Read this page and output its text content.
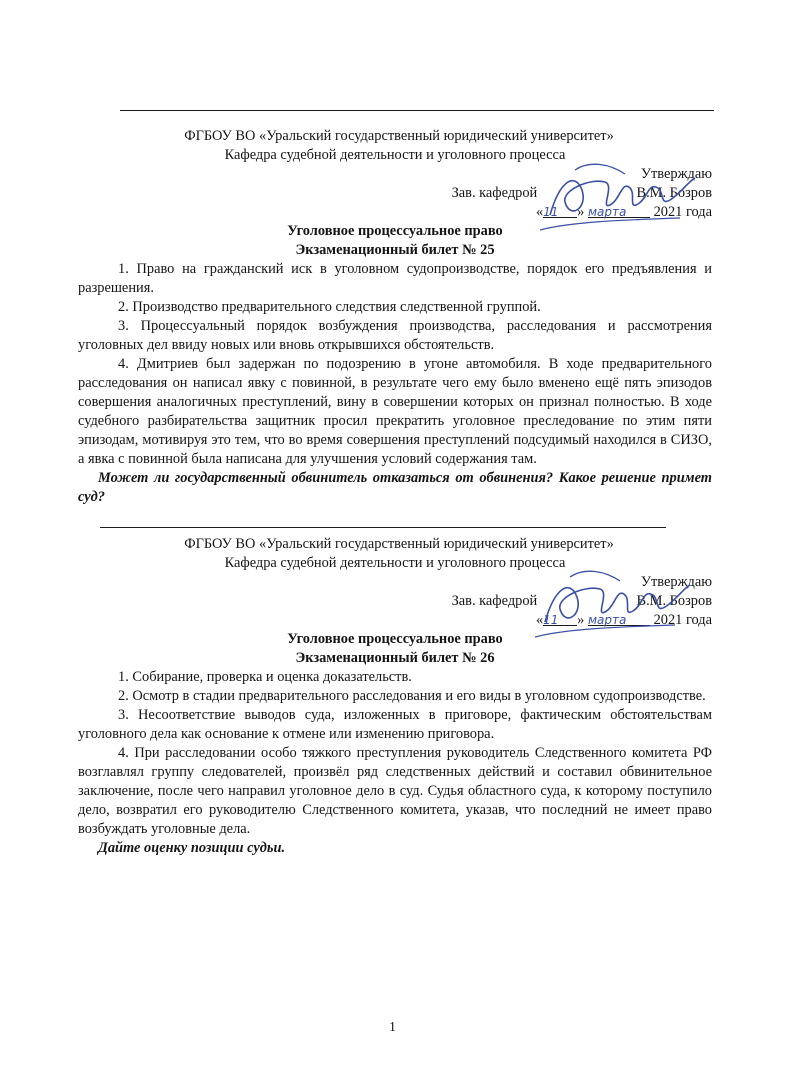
ФГБОУ ВО «Уральский государственный юридический университет»
Кафедра судебной деятельности и уголовного процесса
Утверждаю
Зав. кафедрой	В.М. Бозров
«11 » марта 2021 года
Уголовное процессуальное право
Экзаменационный билет № 25

1. Право на гражданский иск в уголовном судопроизводстве, порядок его предъявления и разрешения.

2. Производство предварительного следствия следственной группой.

3. Процессуальный порядок возбуждения производства, расследования и рассмотрения уголовных дел ввиду новых или вновь открывшихся обстоятельств.

4. Дмитриев был задержан по подозрению в угоне автомобиля. В ходе предварительного расследования он написал явку с повинной, в результате чего ему было вменено ещё пять эпизодов совершения аналогичных преступлений, вину в совершении которых он признал полностью. В ходе судебного разбирательства защитник просил прекратить уголовное преследование по этим пяти эпизодам, мотивируя это тем, что во время совершения преступлений подсудимый находился в СИЗО, а явка с повинной была написана для улучшения условий содержания там.

Может ли государственный обвинитель отказаться от обвинения? Какое решение примет суд?

ФГБОУ ВО «Уральский государственный юридический университет»
Кафедра судебной деятельности и уголовного процесса
Утверждаю
Зав. кафедрой	В.М. Бозров
«11 » марта 2021 года
Уголовное процессуальное право
Экзаменационный билет № 26

1. Собирание, проверка и оценка доказательств.

2. Осмотр в стадии предварительного расследования и его виды в уголовном судопроизводстве.

3. Несоответствие выводов суда, изложенных в приговоре, фактическим обстоятельствам уголовного дела как основание к отмене или изменению приговора.

4. При расследовании особо тяжкого преступления руководитель Следственного комитета РФ возглавлял группу следователей, произвёл ряд следственных действий и составил обвинительное заключение, после чего направил уголовное дело в суд. Судья областного суда, к которому поступило дело, возвратил его руководителю Следственного комитета, указав, что последний не имеет право возбуждать уголовные дела.

Дайте оценку позиции судьи.

1
